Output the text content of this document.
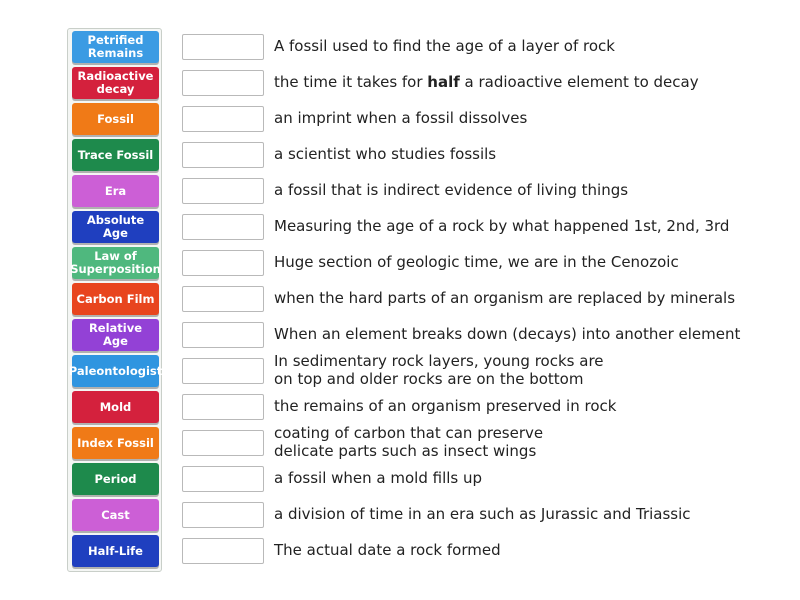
Petrified
Remains
Radioactive
decay
Fossil
Trace Fossil
Era
Absolute Age
Law of
Superposition
Carbon Film
Relative Age
Paleontologist
Mold
Index Fossil
Period
Cast
Half-Life
A fossil used to find the age of a layer of rock
the time it takes for half a radioactive element to decay
an imprint when a fossil dissolves
a scientist who studies fossils
a fossil that is indirect evidence of living things
Measuring the age of a rock by what happened 1st, 2nd, 3rd
Huge section of geologic time, we are in the Cenozoic
when the hard parts of an organism are replaced by minerals
When an element breaks down (decays) into another element
In sedimentary rock layers, young rocks are
on top and older rocks are on the bottom
the remains of an organism preserved in rock
coating of carbon that can preserve
delicate parts such as insect wings
a fossil when a mold fills up
a division of time in an era such as Jurassic and Triassic
The actual date a rock formed
